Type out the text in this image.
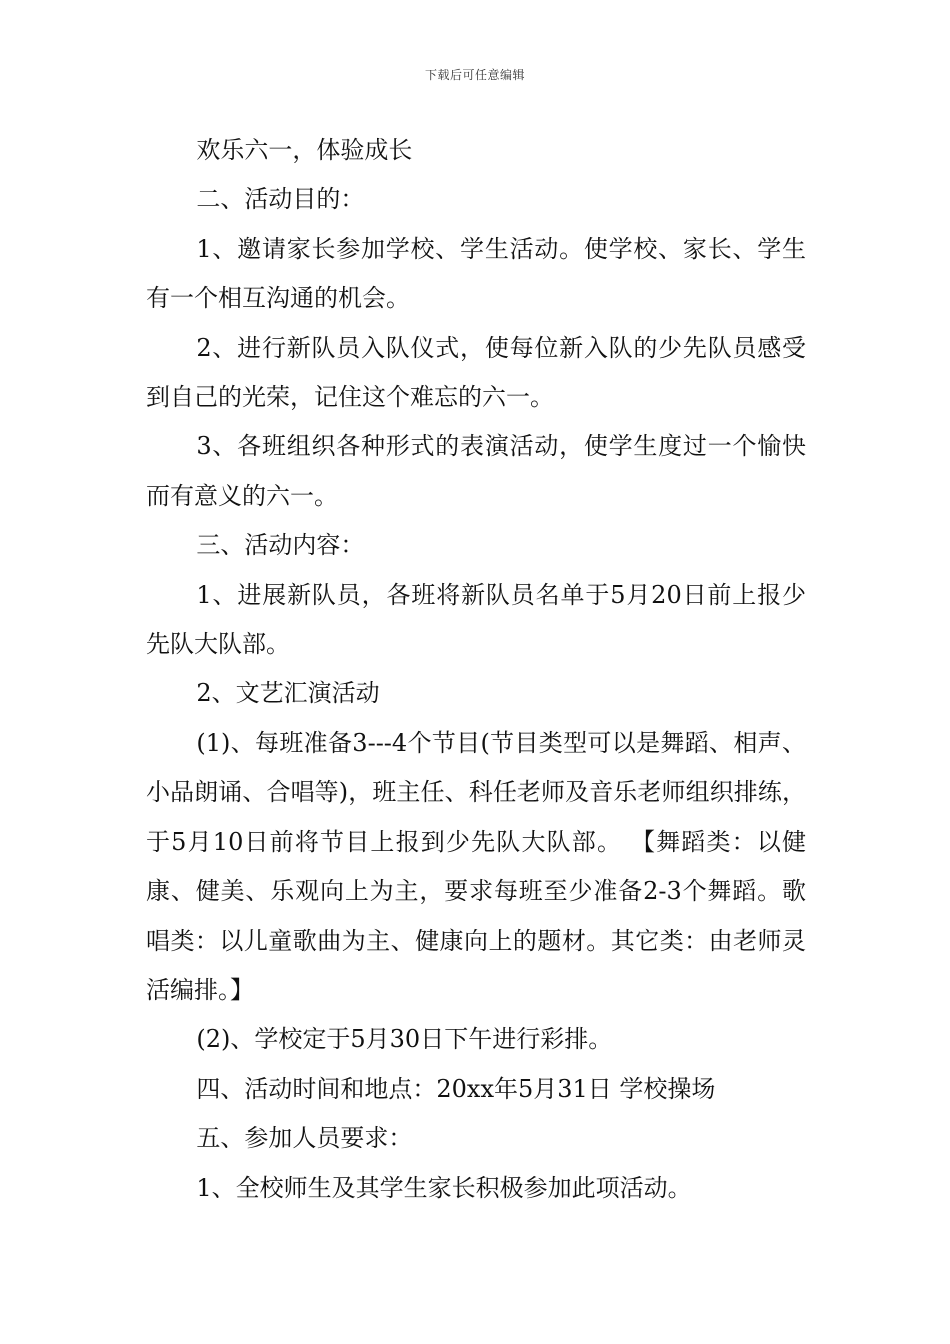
下载后可任意编辑

欢乐六一，体验成长

二、活动目的：

1、邀请家长参加学校、学生活动。使学校、家长、学生有一个相互沟通的机会。

2、进行新队员入队仪式，使每位新入队的少先队员感受到自己的光荣，记住这个难忘的六一。

3、各班组织各种形式的表演活动，使学生度过一个愉快而有意义的六一。

三、活动内容：

1、进展新队员，各班将新队员名单于5月20日前上报少先队大队部。

2、文艺汇演活动

(1)、每班准备3---4个节目(节目类型可以是舞蹈、相声、小品朗诵、合唱等)，班主任、科任老师及音乐老师组织排练，于5月10日前将节目上报到少先队大队部。 【舞蹈类：以健康、健美、乐观向上为主，要求每班至少准备2-3个舞蹈。歌唱类：以儿童歌曲为主、健康向上的题材。其它类：由老师灵活编排。】

(2)、学校定于5月30日下午进行彩排。

四、活动时间和地点：20xx年5月31日 学校操场

五、参加人员要求：

1、全校师生及其学生家长积极参加此项活动。
